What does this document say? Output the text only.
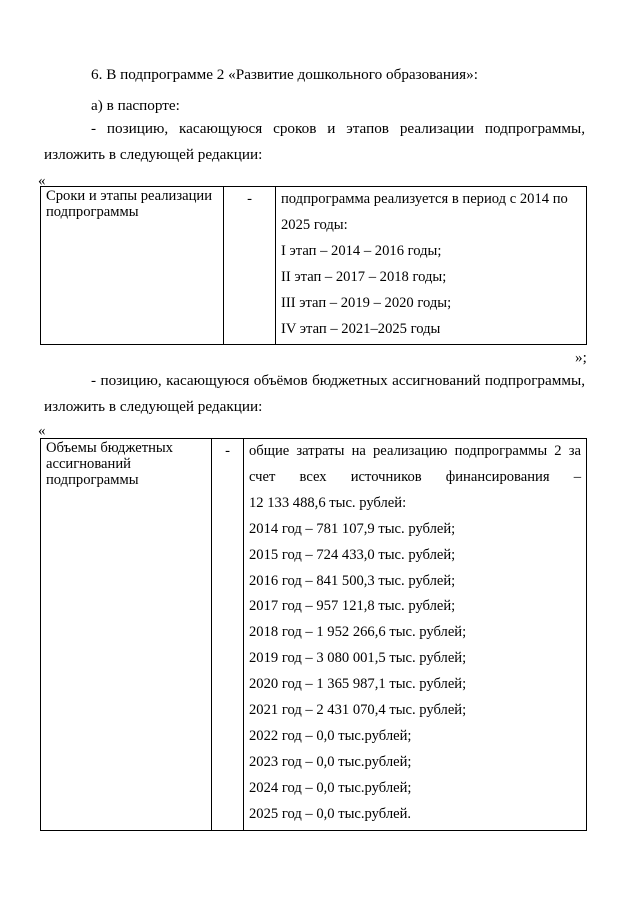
6. В подпрограмме 2 «Развитие дошкольного образования»:
а) в паспорте:
- позицию, касающуюся сроков и этапов реализации подпрограммы,
изложить в следующей редакции:
«
Сроки и этапы реализации подпрограммы	-	подпрограмма реализуется в период с 2014 по
2025 годы:
I этап – 2014 – 2016 годы;
II этап – 2017 – 2018 годы;
III этап – 2019 – 2020 годы;
IV этап – 2021–2025 годы
»;
- позицию, касающуюся объёмов бюджетных ассигнований подпрограммы,
изложить в следующей редакции:
«
Объемы бюджетных ассигнований подпрограммы	-	общие затраты на реализацию подпрограммы 2 за
счет всех источников финансирования –
12 133 488,6 тыс. рублей:
2014 год – 781 107,9 тыс. рублей;
2015 год – 724 433,0 тыс. рублей;
2016 год – 841 500,3 тыс. рублей;
2017 год – 957 121,8 тыс. рублей;
2018 год – 1 952 266,6 тыс. рублей;
2019 год – 3 080 001,5 тыс. рублей;
2020 год – 1 365 987,1 тыс. рублей;
2021 год – 2 431 070,4 тыс. рублей;
2022 год – 0,0 тыс.рублей;
2023 год – 0,0 тыс.рублей;
2024 год – 0,0 тыс.рублей;
2025 год – 0,0 тыс.рублей.
